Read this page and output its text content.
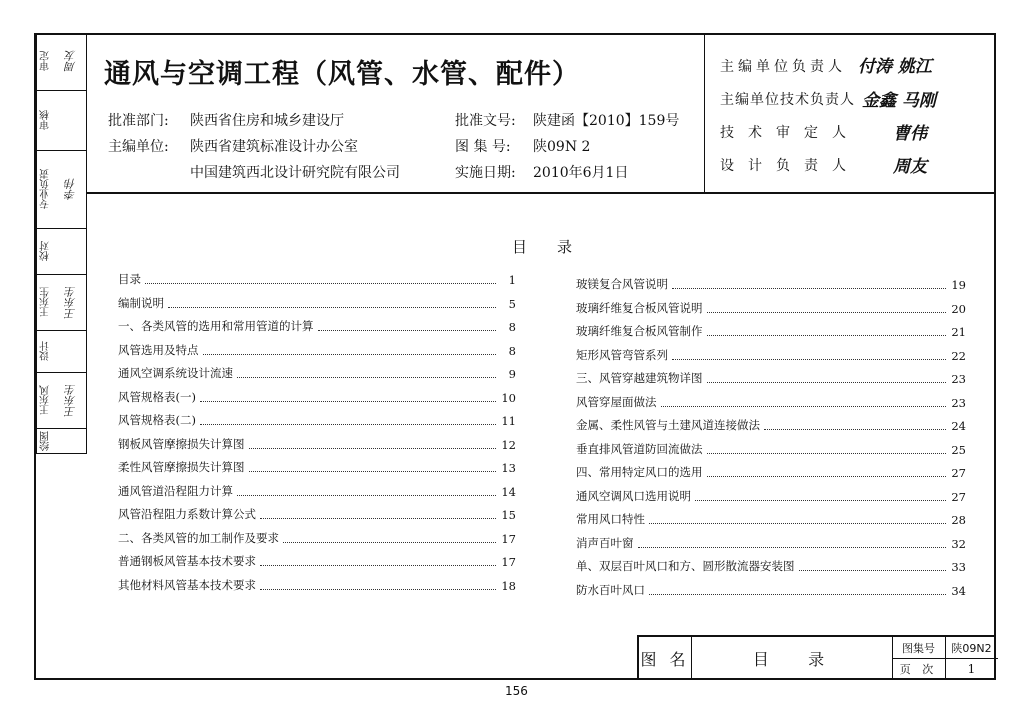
审定	周友
审核
专业负责	李伟
校对
王东生	王东生
设计
王东风	王东生
绘图
通风与空调工程（风管、水管、配件）
批准部门: 陕西省住房和城乡建设厅
主编单位: 陕西省建筑标准设计办公室
中国建筑西北设计研究院有限公司
批准文号: 陕建函【2010】159号
图 集 号: 陕09N 2
实施日期: 2010年6月1日
主编单位负责人 付涛 姚江
主编单位技术负责人 金鑫 马刚
技术审定人 曹伟
设计负责人 周友
目录
目录	1
编制说明	5
一、各类风管的选用和常用管道的计算	8
风管选用及特点	8
通风空调系统设计流速	9
风管规格表(一)	10
风管规格表(二)	11
钢板风管摩擦损失计算图	12
柔性风管摩擦损失计算图	13
通风管道沿程阻力计算	14
风管沿程阻力系数计算公式	15
二、各类风管的加工制作及要求	17
普通钢板风管基本技术要求	17
其他材料风管基本技术要求	18
玻镁复合风管说明	19
玻璃纤维复合板风管说明	20
玻璃纤维复合板风管制作	21
矩形风管弯管系列	22
三、风管穿越建筑物详图	23
风管穿屋面做法	23
金属、柔性风管与土建风道连接做法	24
垂直排风管道防回流做法	25
四、常用特定风口的选用	27
通风空调风口选用说明	27
常用风口特性	28
消声百叶窗	32
单、双层百叶风口和方、圆形散流器安装图	33
防水百叶风口	34
图 名	目   录
图集号	陕09N2
页 次	1
156
